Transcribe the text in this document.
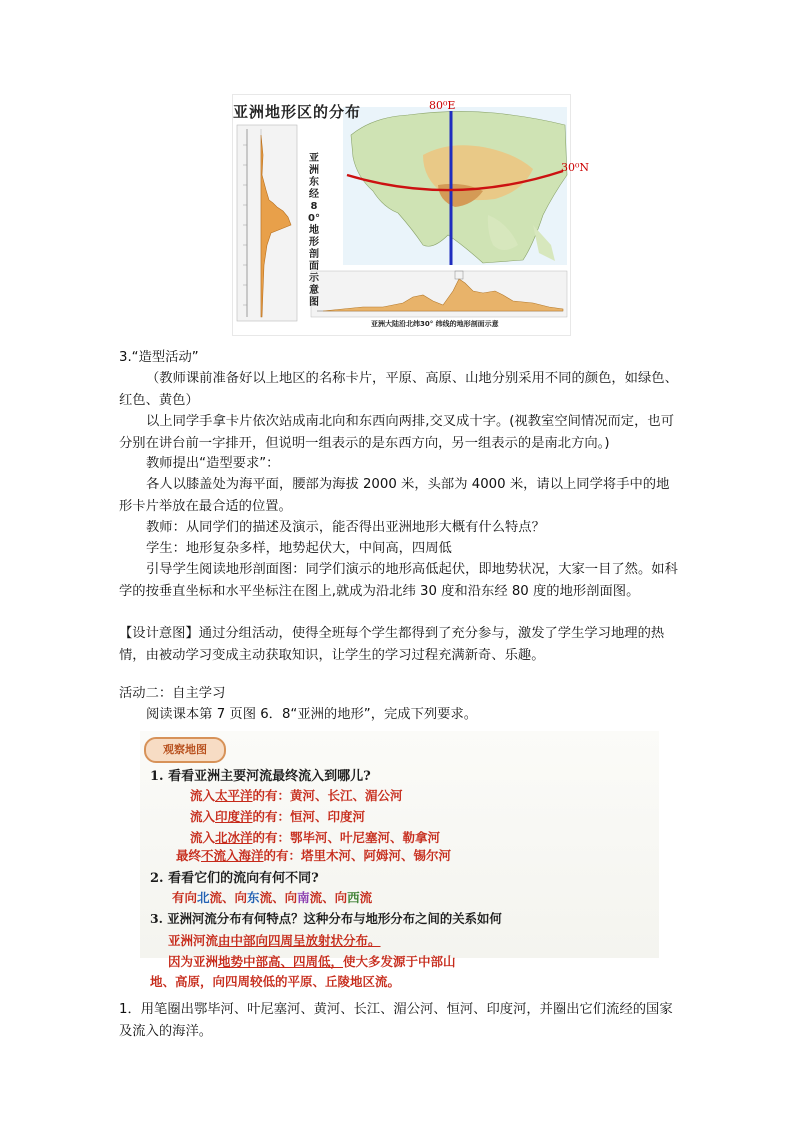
亚洲地形区的分布
亚洲东经80°地形剖面示意图
80⁰E
30⁰N
亚洲大陆沿北纬30° 纬线的地形剖面示意

3.“造型活动”

（教师课前准备好以上地区的名称卡片，平原、高原、山地分别采用不同的颜色，如绿色、红色、黄色）

以上同学手拿卡片依次站成南北向和东西向两排,交叉成十字。(视教室空间情况而定，也可分别在讲台前一字排开，但说明一组表示的是东西方向，另一组表示的是南北方向。)

教师提出“造型要求”：

各人以膝盖处为海平面，腰部为海拔 2000 米，头部为 4000 米，请以上同学将手中的地形卡片举放在最合适的位置。

教师：从同学们的描述及演示，能否得出亚洲地形大概有什么特点？

学生：地形复杂多样，地势起伏大，中间高，四周低

引导学生阅读地形剖面图：同学们演示的地形高低起伏，即地势状况，大家一目了然。如科学的按垂直坐标和水平坐标注在图上,就成为沿北纬 30 度和沿东经 80 度的地形剖面图。

【设计意图】通过分组活动，使得全班每个学生都得到了充分参与，激发了学生学习地理的热情，由被动学习变成主动获取知识，让学生的学习过程充满新奇、乐趣。

活动二：自主学习

阅读课本第 7 页图 6．8“亚洲的地形”，完成下列要求。

观察地图
1. 看看亚洲主要河流最终流入到哪儿?
流入太平洋的有：黄河、长江、湄公河
流入印度洋的有：恒河、印度河
流入北冰洋的有：鄂毕河、叶尼塞河、勒拿河
最终不流入海洋的有：塔里木河、阿姆河、锡尔河
2. 看看它们的流向有何不同?
有向北流、向东流、向南流、向西流
3. 亚洲河流分布有何特点？这种分布与地形分布之间的关系如何
亚洲河流由中部向四周呈放射状分布。
因为亚洲地势中部高、四周低，使大多发源于中部山
地、高原，向四周较低的平原、丘陵地区流。

1．用笔圈出鄂毕河、叶尼塞河、黄河、长江、湄公河、恒河、印度河，并圈出它们流经的国家及流入的海洋。
